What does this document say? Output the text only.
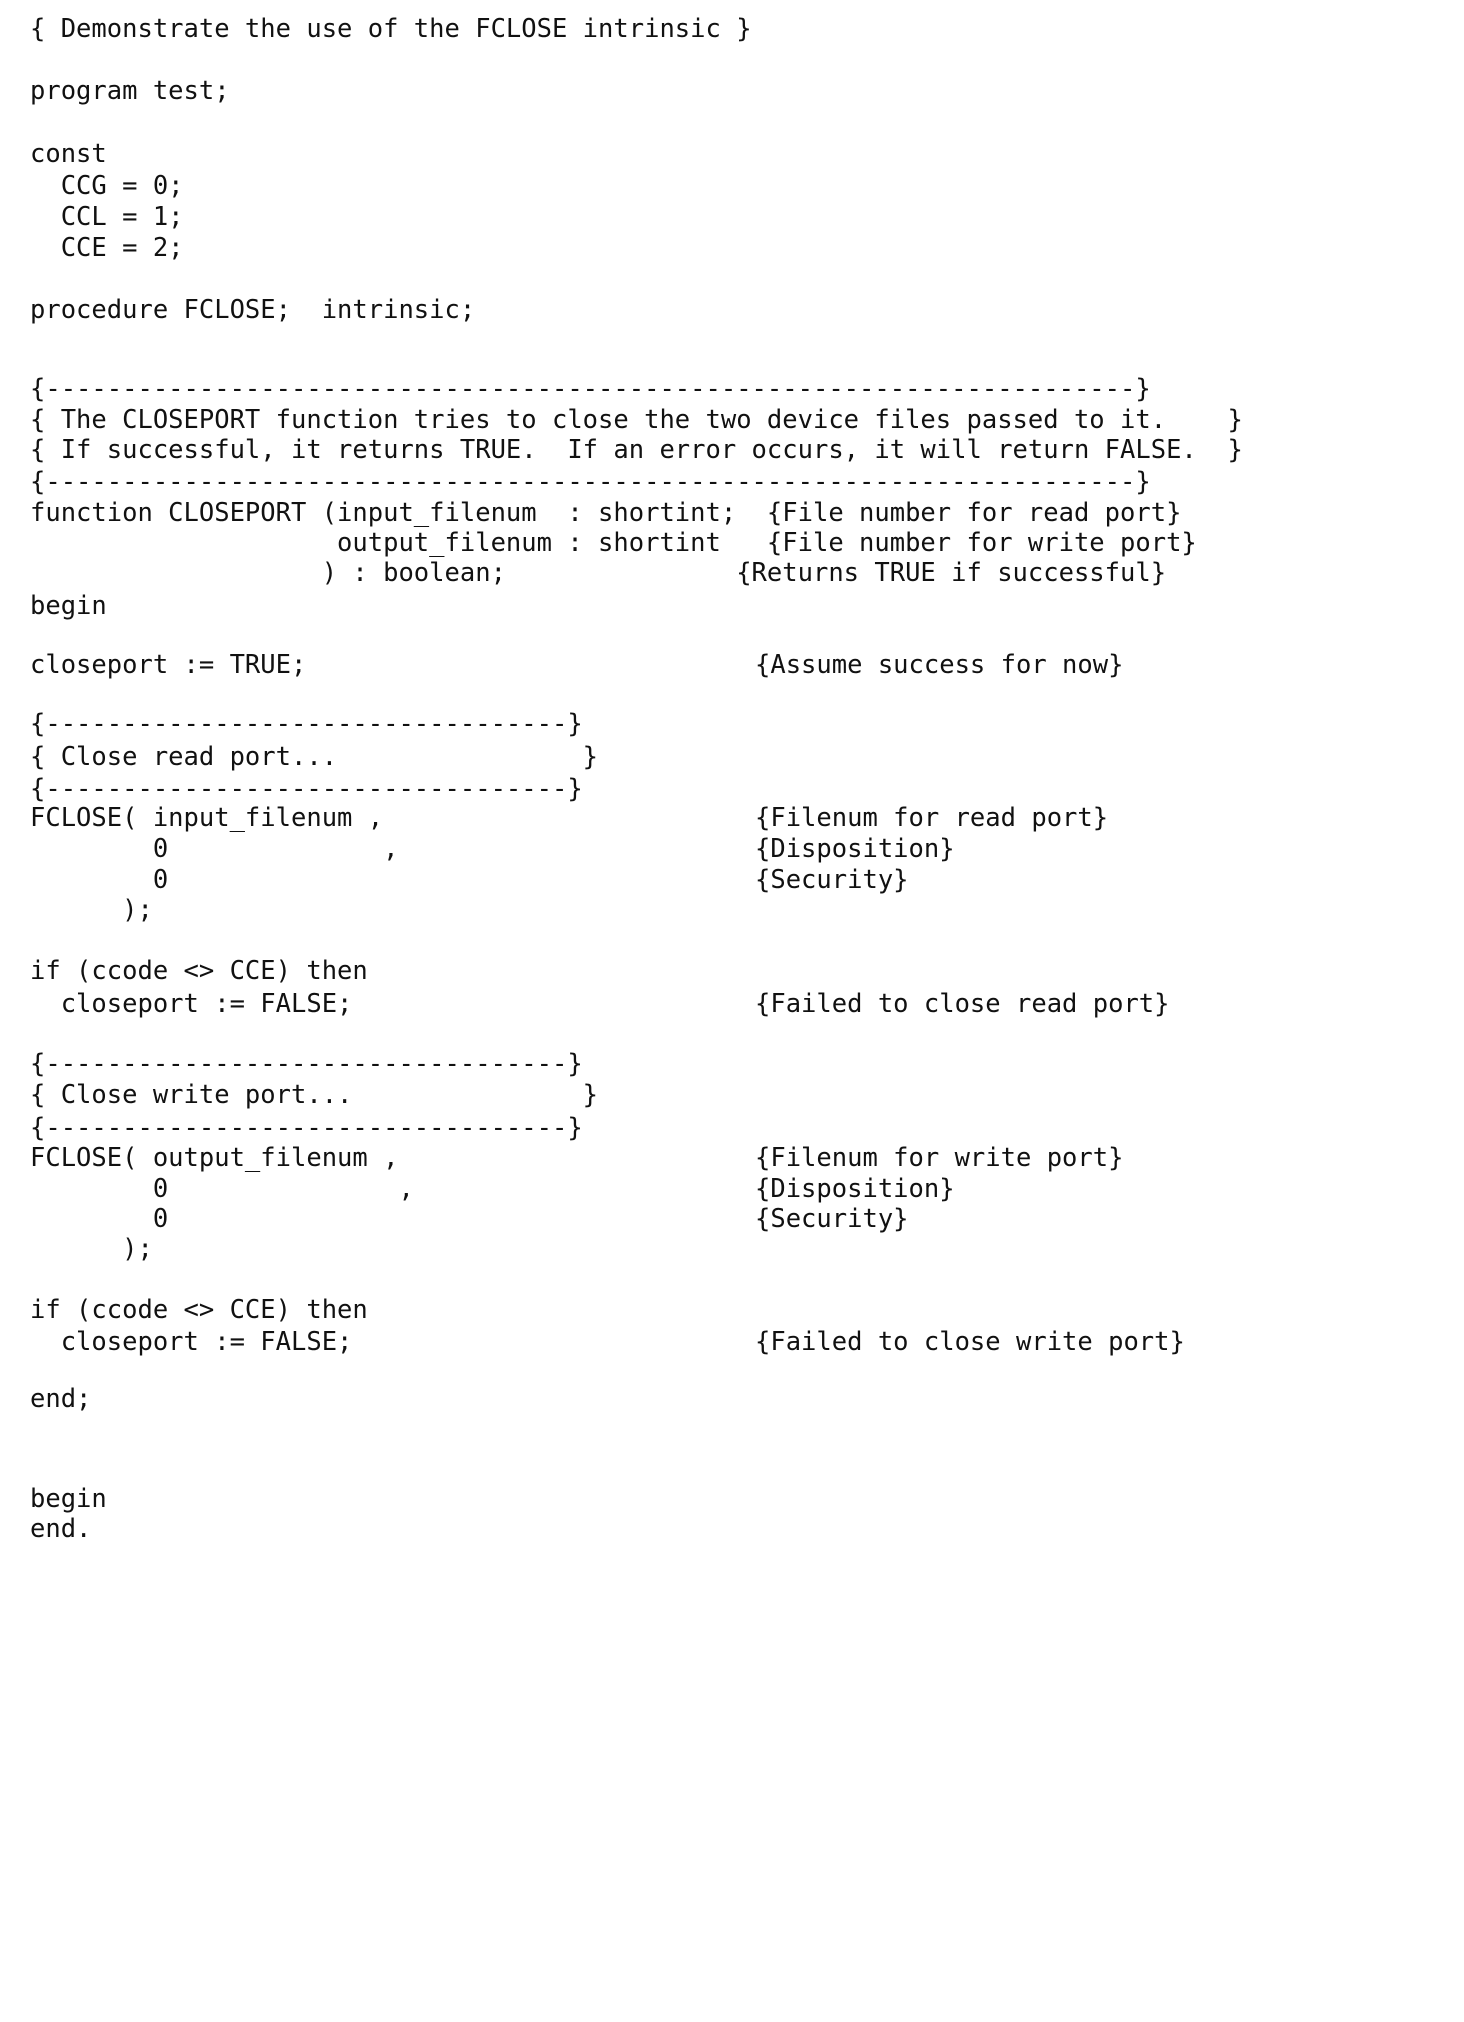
{ Demonstrate the use of the FCLOSE intrinsic }
program test;
const
CCG = 0;
CCL = 1;
CCE = 2;
procedure FCLOSE;  intrinsic;
{-----------------------------------------------------------------------}
{ The CLOSEPORT function tries to close the two device files passed to it.    }
{ If successful, it returns TRUE.  If an error occurs, it will return FALSE.  }
{-----------------------------------------------------------------------}
function CLOSEPORT (input_filenum  : shortint;  {File number for read port}
output_filenum : shortint   {File number for write port}
) : boolean;               {Returns TRUE if successful}
begin
closeport := TRUE;	{Assume success for now}
{----------------------------------}
{ Close read port...                }
{----------------------------------}
FCLOSE( input_filenum ,	{Filenum for read port}
0              ,	{Disposition}
0	{Security}
);
if (ccode <> CCE) then
closeport := FALSE;	{Failed to close read port}
{----------------------------------}
{ Close write port...               }
{----------------------------------}
FCLOSE( output_filenum ,	{Filenum for write port}
0               ,	{Disposition}
0	{Security}
);
if (ccode <> CCE) then
closeport := FALSE;	{Failed to close write port}
end;
begin
end.
